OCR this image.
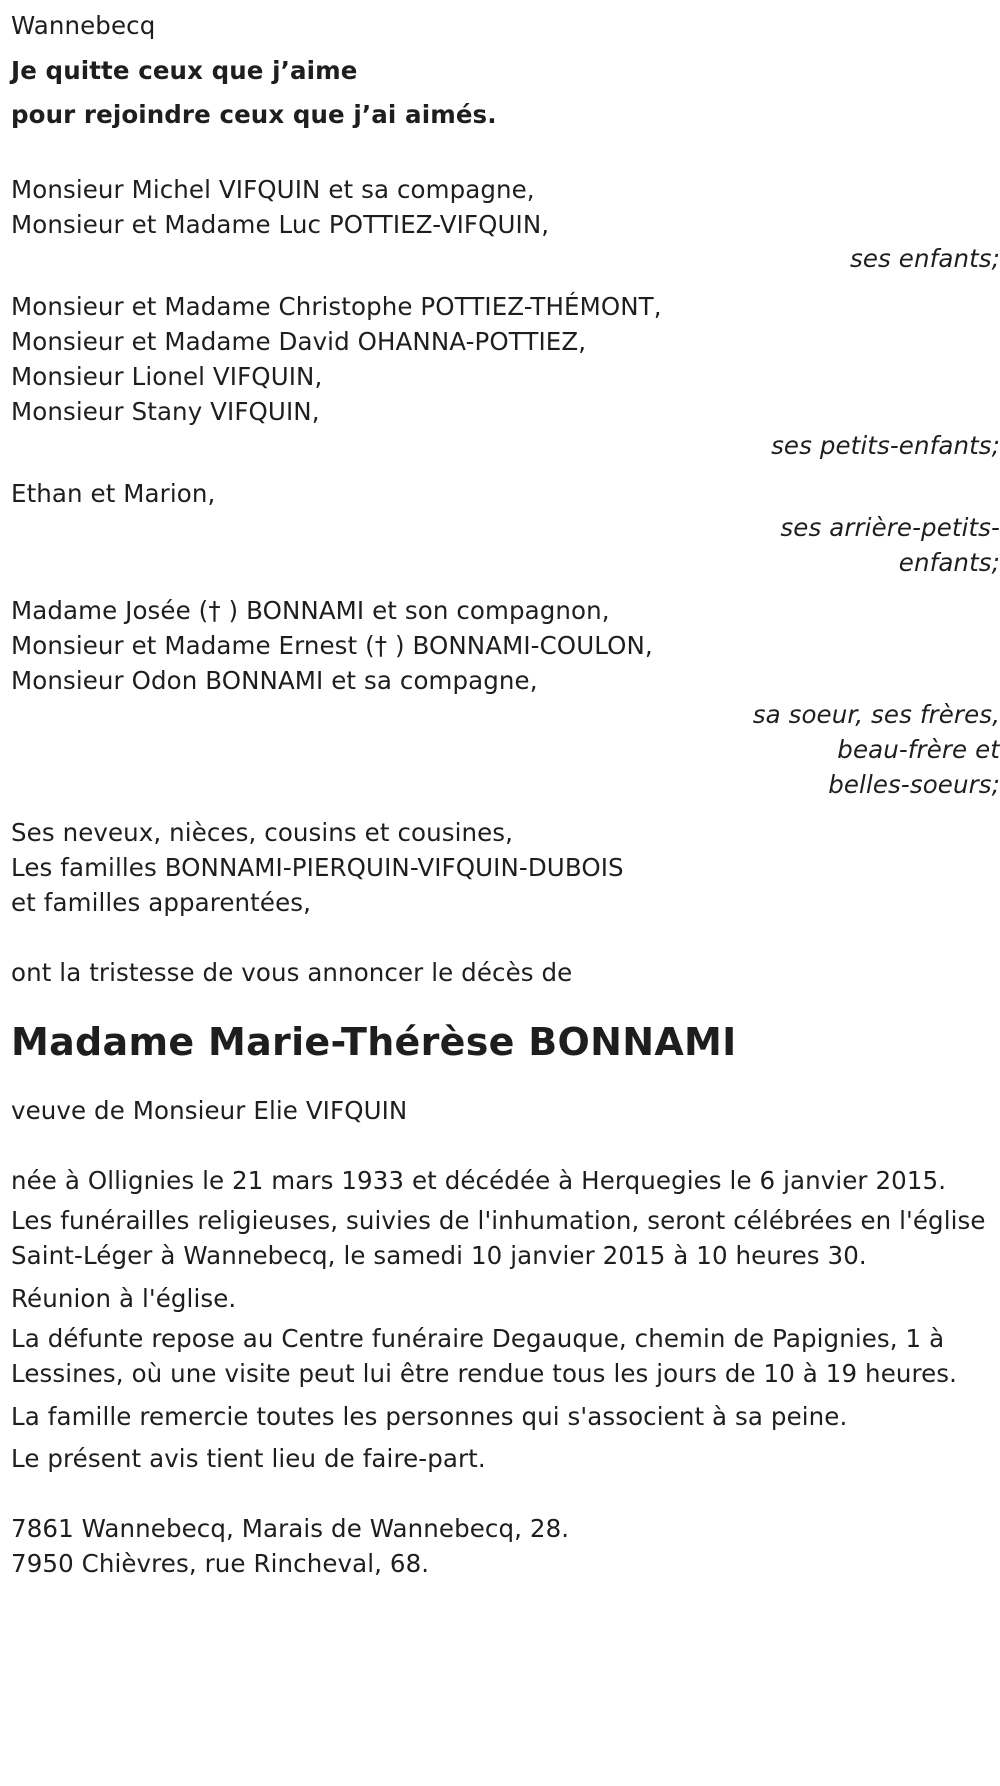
Wannebecq
Je quitte ceux que j’aime
pour rejoindre ceux que j’ai aimés.
Monsieur Michel VIFQUIN et sa compagne,
Monsieur et Madame Luc POTTIEZ-VIFQUIN,
ses enfants;
Monsieur et Madame Christophe POTTIEZ-THÉMONT,
Monsieur et Madame David OHANNA-POTTIEZ,
Monsieur Lionel VIFQUIN,
Monsieur Stany VIFQUIN,
ses petits-enfants;
Ethan et Marion,
ses arrière-petits-
enfants;
Madame Josée († ) BONNAMI et son compagnon,
Monsieur et Madame Ernest († ) BONNAMI-COULON,
Monsieur Odon BONNAMI et sa compagne,
sa soeur, ses frères,
beau-frère et
belles-soeurs;
Ses neveux, nièces, cousins et cousines,
Les familles BONNAMI-PIERQUIN-VIFQUIN-DUBOIS
et familles apparentées,
ont la tristesse de vous annoncer le décès de
Madame Marie-Thérèse BONNAMI
veuve de Monsieur Elie VIFQUIN
née à Ollignies le 21 mars 1933 et décédée à Herquegies le 6 janvier 2015.
Les funérailles religieuses, suivies de l'inhumation, seront célébrées en l'église Saint-Léger à Wannebecq, le samedi 10 janvier 2015 à 10 heures 30.
Réunion à l'église.
La défunte repose au Centre funéraire Degauque, chemin de Papignies, 1 à Lessines, où une visite peut lui être rendue tous les jours de 10 à 19 heures.
La famille remercie toutes les personnes qui s'associent à sa peine.
Le présent avis tient lieu de faire-part.
7861 Wannebecq, Marais de Wannebecq, 28.
7950 Chièvres, rue Rincheval, 68.
